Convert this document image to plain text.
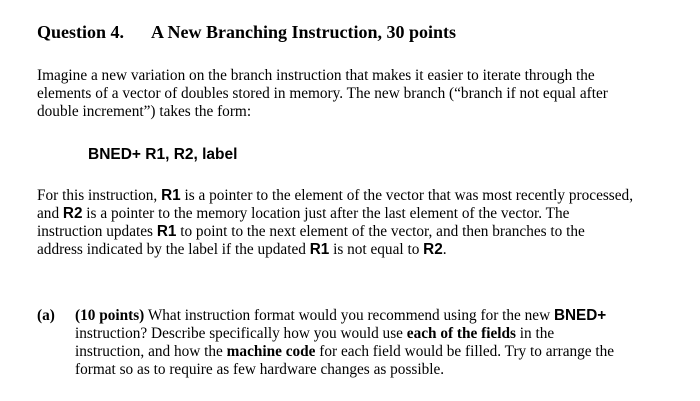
Question 4. A New Branching Instruction, 30 points
Imagine a new variation on the branch instruction that makes it easier to iterate through the
elements of a vector of doubles stored in memory. The new branch (“branch if not equal after
double increment”) takes the form:
BNED+ R1, R2, label
For this instruction, R1 is a pointer to the element of the vector that was most recently processed,
and R2 is a pointer to the memory location just after the last element of the vector. The
instruction updates R1 to point to the next element of the vector, and then branches to the
address indicated by the label if the updated R1 is not equal to R2.
(a) (10 points) What instruction format would you recommend using for the new BNED+
instruction? Describe specifically how you would use each of the fields in the
instruction, and how the machine code for each field would be filled. Try to arrange the
format so as to require as few hardware changes as possible.
